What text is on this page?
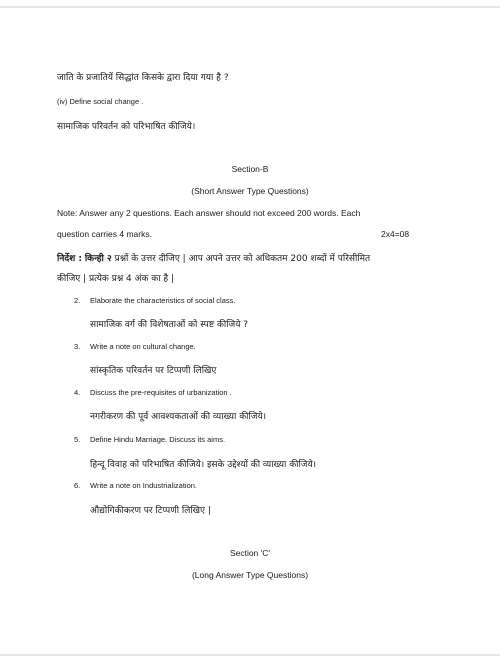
जाति के प्रजातियें सिद्धांत किसके द्वारा दिया गया है ?
(iv) Define social change .
सामाजिक परिवर्तन को परिभाषित कीजिये।
Section-B
(Short Answer Type Questions)
Note: Answer any 2 questions. Each answer should not exceed 200 words. Each
question carries 4 marks.	2x4=08
निर्देश : किन्ही २ प्रश्नों के उत्तर दीजिए | आप अपने उत्तर को अधिकतम 200 शब्दों में परिसीमित
कीजिए | प्रत्येक प्रश्न 4 अंक का है |
2. Elaborate the characteristics of social class.
सामाजिक वर्ग की विशेषताओं को स्पष्ट कीजिये ?
3. Write a note on cultural change.
सांस्कृतिक परिवर्तन पर टिप्पणी लिखिए
4. Discuss the pre-requisites of urbanization .
नगरीकरण की पूर्व आवश्यकताओं की व्याख्या कीजिये।
5. Define Hindu Marriage. Discuss its aims.
हिन्दू विवाह को परिभाषित कीजिये। इसके उद्देश्यों की व्याख्या कीजिये।
6. Write a note on Industrialization.
औद्योगिकीकरण पर टिप्पणी लिखिए |
Section 'C'
(Long Answer Type Questions)
